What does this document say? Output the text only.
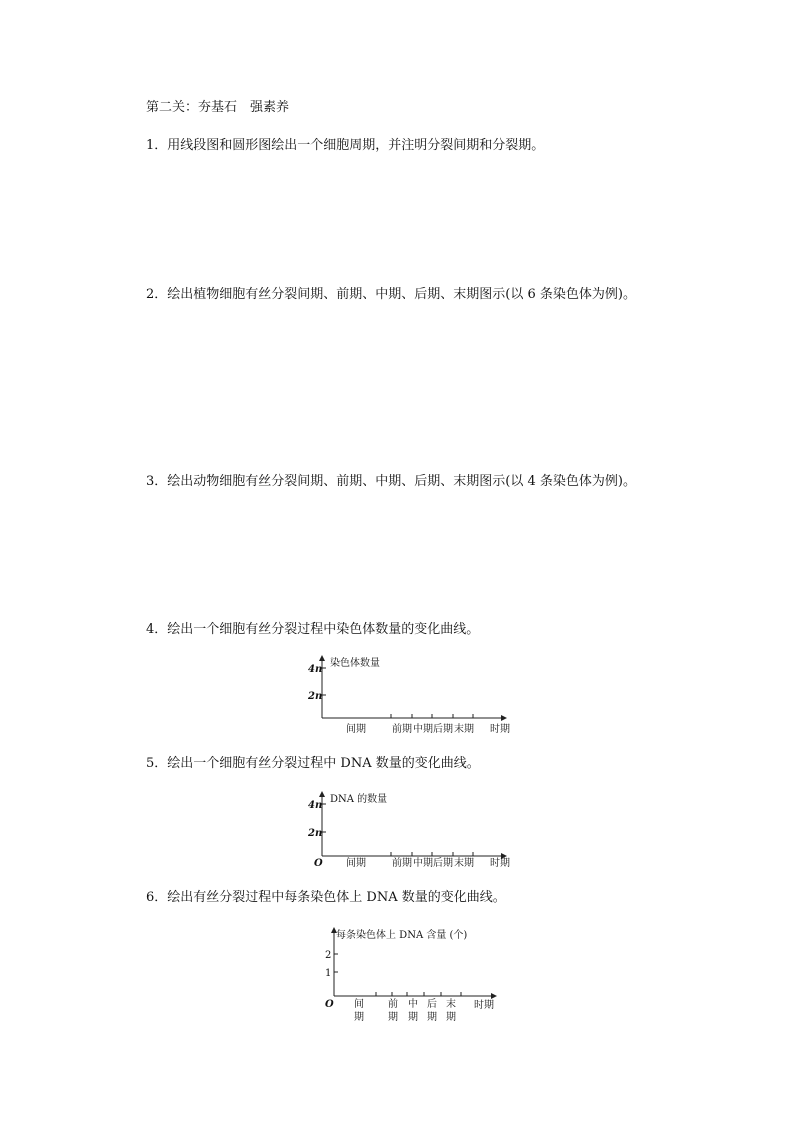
第二关：夯基石　强素养
1．用线段图和圆形图绘出一个细胞周期，并注明分裂间期和分裂期。
2．绘出植物细胞有丝分裂间期、前期、中期、后期、末期图示(以 6 条染色体为例)。
3．绘出动物细胞有丝分裂间期、前期、中期、后期、末期图示(以 4 条染色体为例)。
4．绘出一个细胞有丝分裂过程中染色体数量的变化曲线。
5．绘出一个细胞有丝分裂过程中 DNA 数量的变化曲线。
6．绘出有丝分裂过程中每条染色体上 DNA 数量的变化曲线。
染色体数量
4n
2n
间期	前期 中期 后期 末期 时期
DNA 的数量
4n
2n
O 间期	前期 中期 后期 末期 时期
每条染色体上 DNA 含量 (个)
2
1
O 间
期
前
期
中
期
后
期
末
期
时期
